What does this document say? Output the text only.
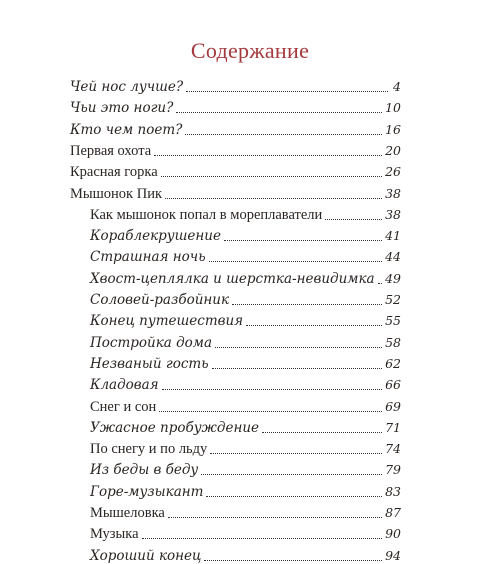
Содержание
Чей нос лучше?	4
Чьи это ноги?	10
Кто чем поет?	16
Первая охота	20
Красная горка	26
Мышонок Пик	38
Как мышонок попал в мореплаватели	38
Кораблекрушение	41
Страшная ночь	44
Хвост-цеплялка и шерстка-невидимка 49
Соловей-разбойник	52
Конец путешествия	55
Постройка дома	58
Незваный гость	62
Кладовая	66
Снег и сон	69
Ужасное пробуждение	71
По снегу и по льду	74
Из беды в беду	79
Горе-музыкант	83
Мышеловка	87
Музыка	90
Хороший конец	94
